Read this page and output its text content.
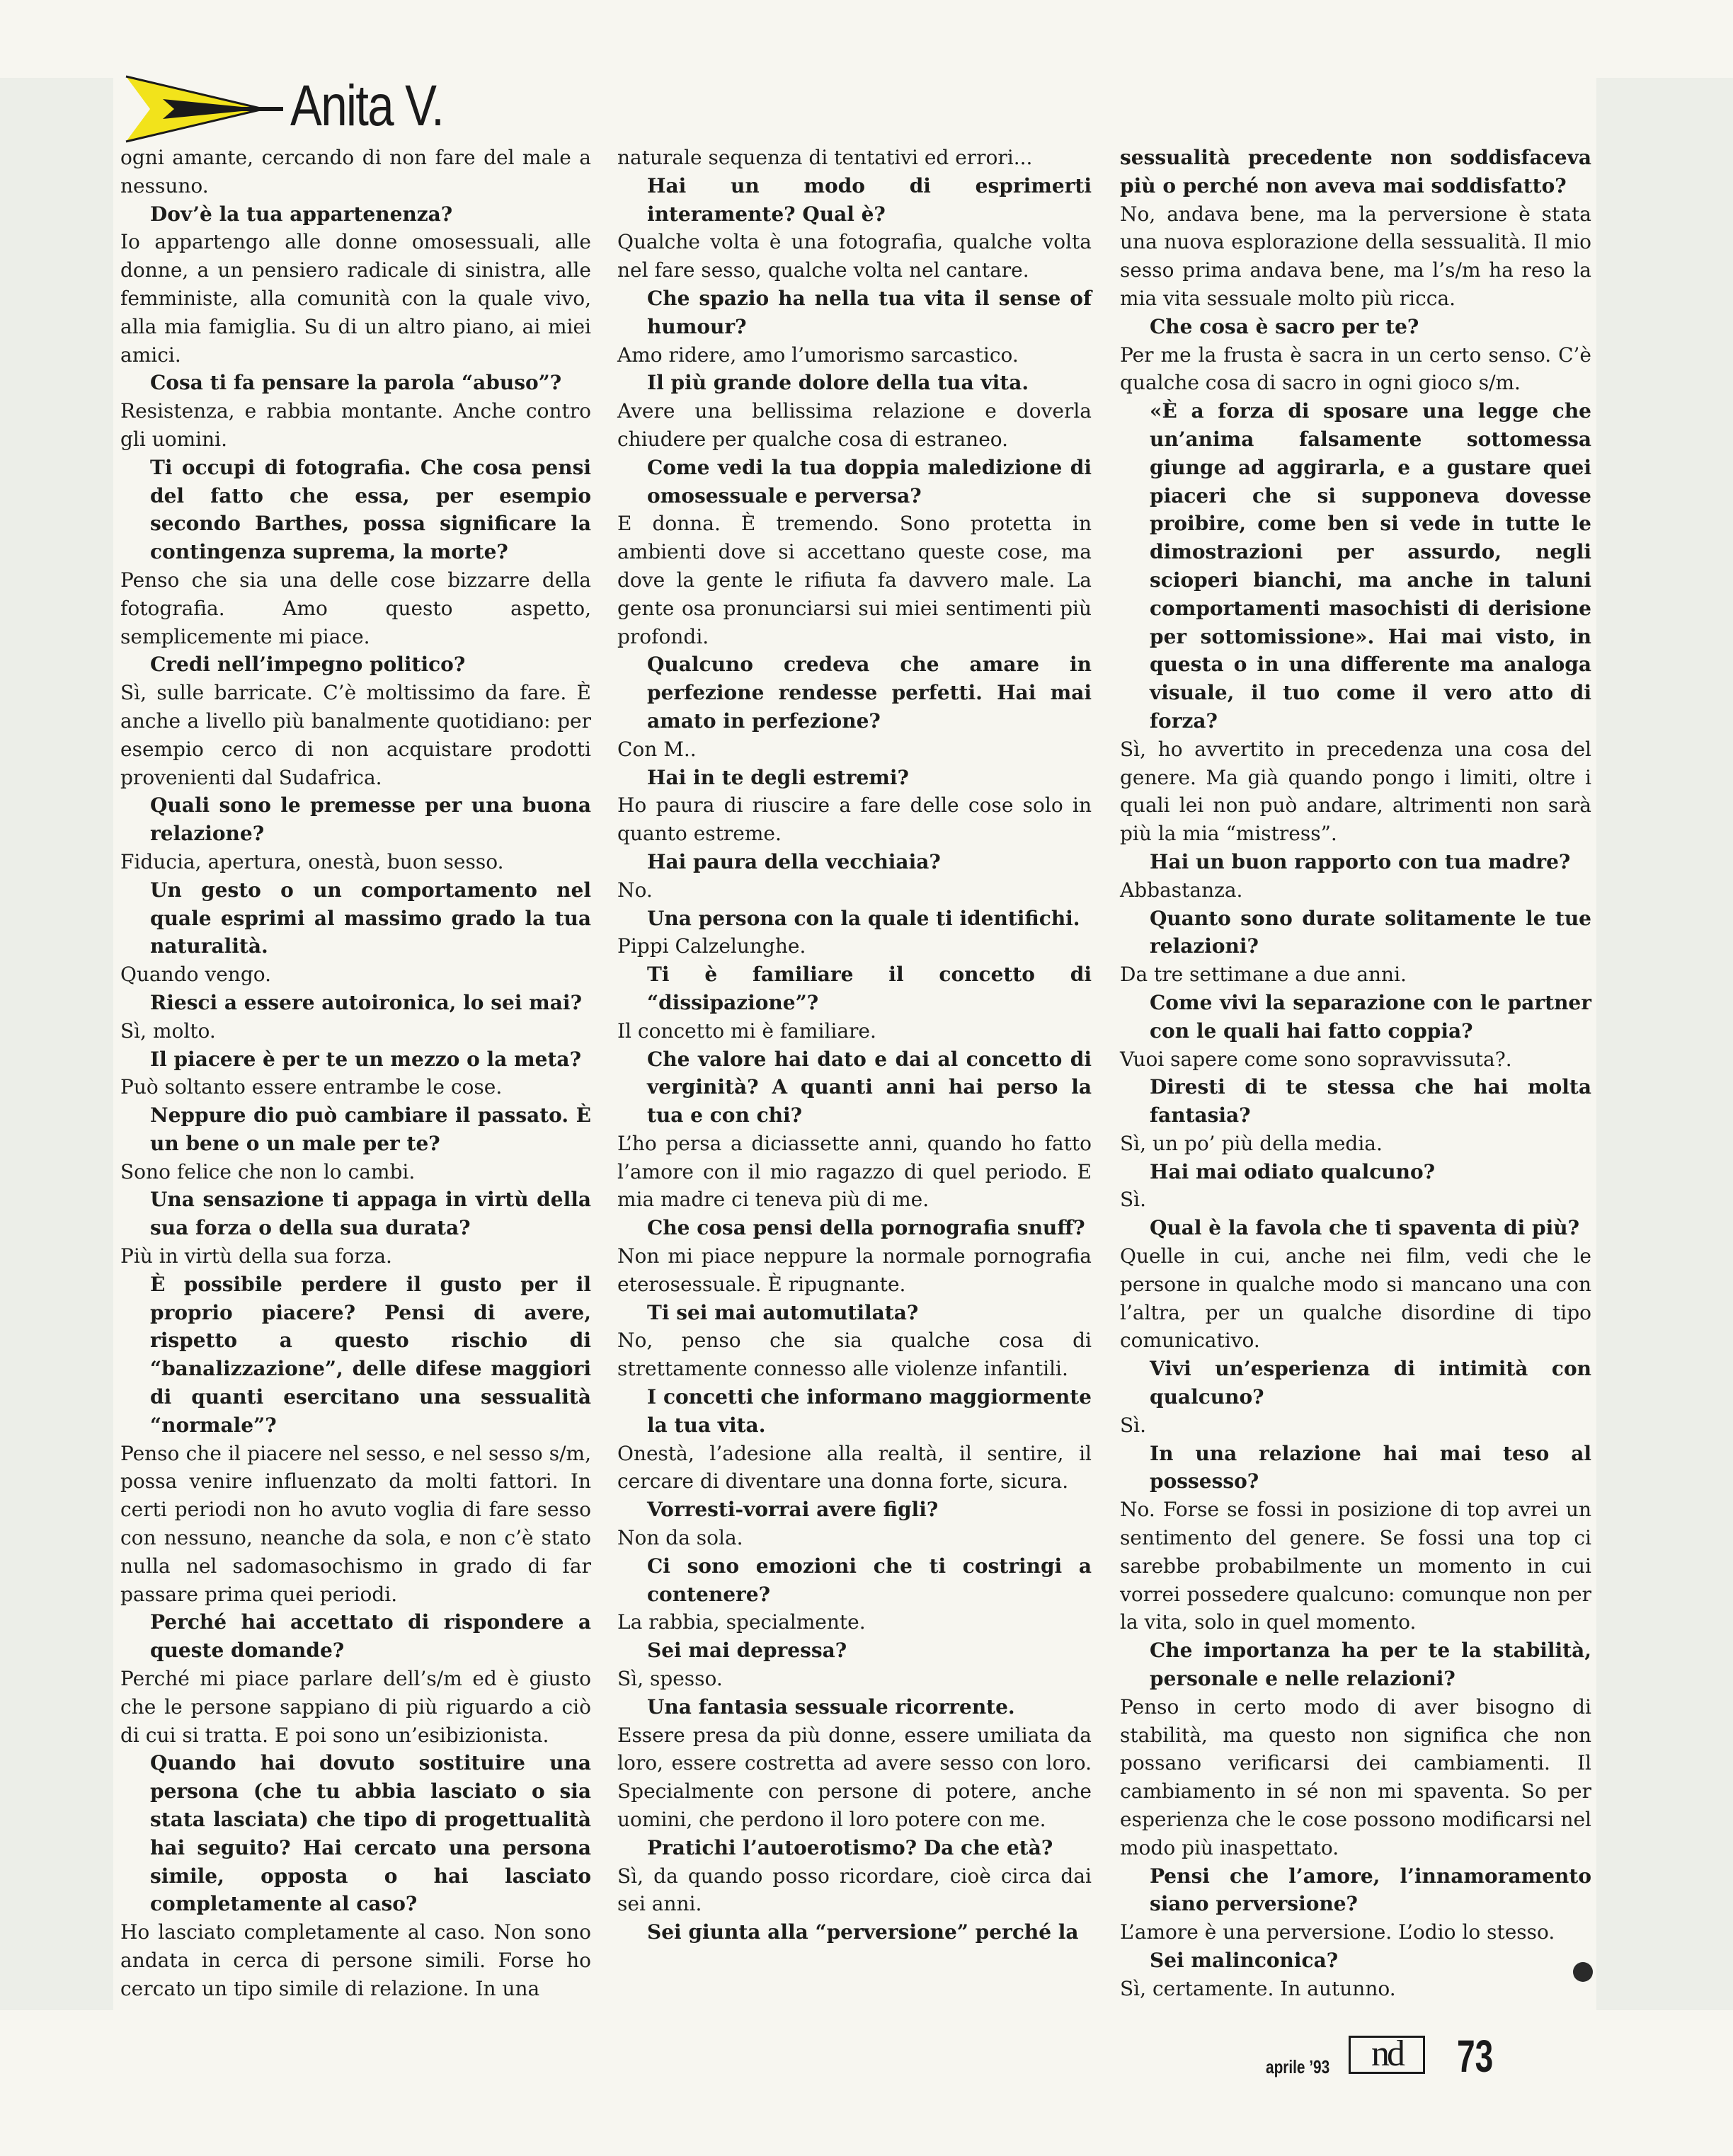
Anita V.

ogni amante, cercando di non fare del male a nessuno.

Dov’è la tua appartenenza?

Io appartengo alle donne omosessuali, alle donne, a un pensiero radicale di sinistra, alle femministe, alla comunità con la quale vivo, alla mia famiglia. Su di un altro piano, ai miei amici.

Cosa ti fa pensare la parola “abuso”?

Resistenza, e rabbia montante. Anche contro gli uomini.

Ti occupi di fotografia. Che cosa pensi del fatto che essa, per esempio secondo Barthes, possa significare la contingenza suprema, la morte?

Penso che sia una delle cose bizzarre della fotografia. Amo questo aspetto, semplicemente mi piace.

Credi nell’impegno politico?

Sì, sulle barricate. C’è moltissimo da fare. È anche a livello più banalmente quotidiano: per esempio cerco di non acquistare prodotti provenienti dal Sudafrica.

Quali sono le premesse per una buona relazione?

Fiducia, apertura, onestà, buon sesso.

Un gesto o un comportamento nel quale esprimi al massimo grado la tua naturalità.

Quando vengo.

Riesci a essere autoironica, lo sei mai?

Sì, molto.

Il piacere è per te un mezzo o la meta?

Può soltanto essere entrambe le cose.

Neppure dio può cambiare il passato. È un bene o un male per te?

Sono felice che non lo cambi.

Una sensazione ti appaga in virtù della sua forza o della sua durata?

Più in virtù della sua forza.

È possibile perdere il gusto per il proprio piacere? Pensi di avere, rispetto a questo rischio di “banalizzazione”, delle difese maggiori di quanti esercitano una sessualità “normale”?

Penso che il piacere nel sesso, e nel sesso s/m, possa venire influenzato da molti fattori. In certi periodi non ho avuto voglia di fare sesso con nessuno, neanche da sola, e non c’è stato nulla nel sadomasochismo in grado di far passare prima quei periodi.

Perché hai accettato di rispondere a queste domande?

Perché mi piace parlare dell’s/m ed è giusto che le persone sappiano di più riguardo a ciò di cui si tratta. E poi sono un’esibizionista.

Quando hai dovuto sostituire una persona (che tu abbia lasciato o sia stata lasciata) che tipo di progettualità hai seguito? Hai cercato una persona simile, opposta o hai lasciato completamente al caso?

Ho lasciato completamente al caso. Non sono andata in cerca di persone simili. Forse ho cercato un tipo simile di relazione. In una

naturale sequenza di tentativi ed errori...

Hai un modo di esprimerti interamente? Qual è?

Qualche volta è una fotografia, qualche volta nel fare sesso, qualche volta nel cantare.

Che spazio ha nella tua vita il sense of humour?

Amo ridere, amo l’umorismo sarcastico.

Il più grande dolore della tua vita.

Avere una bellissima relazione e doverla chiudere per qualche cosa di estraneo.

Come vedi la tua doppia maledizione di omosessuale e perversa?

E donna. È tremendo. Sono protetta in ambienti dove si accettano queste cose, ma dove la gente le rifiuta fa davvero male. La gente osa pronunciarsi sui miei sentimenti più profondi.

Qualcuno credeva che amare in perfezione rendesse perfetti. Hai mai amato in perfezione?

Con M..

Hai in te degli estremi?

Ho paura di riuscire a fare delle cose solo in quanto estreme.

Hai paura della vecchiaia?

No.

Una persona con la quale ti identifichi.

Pippi Calzelunghe.

Ti è familiare il concetto di “dissipazione”?

Il concetto mi è familiare.

Che valore hai dato e dai al concetto di verginità? A quanti anni hai perso la tua e con chi?

L’ho persa a diciassette anni, quando ho fatto l’amore con il mio ragazzo di quel periodo. E mia madre ci teneva più di me.

Che cosa pensi della pornografia snuff?

Non mi piace neppure la normale pornografia eterosessuale. È ripugnante.

Ti sei mai automutilata?

No, penso che sia qualche cosa di strettamente connesso alle violenze infantili.

I concetti che informano maggiormente la tua vita.

Onestà, l’adesione alla realtà, il sentire, il cercare di diventare una donna forte, sicura.

Vorresti-vorrai avere figli?

Non da sola.

Ci sono emozioni che ti costringi a contenere?

La rabbia, specialmente.

Sei mai depressa?

Sì, spesso.

Una fantasia sessuale ricorrente.

Essere presa da più donne, essere umiliata da loro, essere costretta ad avere sesso con loro. Specialmente con persone di potere, anche uomini, che perdono il loro potere con me.

Pratichi l’autoerotismo? Da che età?

Sì, da quando posso ricordare, cioè circa dai sei anni.

Sei giunta alla “perversione” perché la

sessualità precedente non soddisfaceva più o perché non aveva mai soddisfatto?

No, andava bene, ma la perversione è stata una nuova esplorazione della sessualità. Il mio sesso prima andava bene, ma l’s/m ha reso la mia vita sessuale molto più ricca.

Che cosa è sacro per te?

Per me la frusta è sacra in un certo senso. C’è qualche cosa di sacro in ogni gioco s/m.

«È a forza di sposare una legge che un’anima falsamente sottomessa giunge ad aggirarla, e a gustare quei piaceri che si supponeva dovesse proibire, come ben si vede in tutte le dimostrazioni per assurdo, negli scioperi bianchi, ma anche in taluni comportamenti masochisti di derisione per sottomissione». Hai mai visto, in questa o in una differente ma analoga visuale, il tuo come il vero atto di forza?

Sì, ho avvertito in precedenza una cosa del genere. Ma già quando pongo i limiti, oltre i quali lei non può andare, altrimenti non sarà più la mia “mistress”.

Hai un buon rapporto con tua madre?

Abbastanza.

Quanto sono durate solitamente le tue relazioni?

Da tre settimane a due anni.

Come vivi la separazione con le partner con le quali hai fatto coppia?

Vuoi sapere come sono sopravvissuta?.

Diresti di te stessa che hai molta fantasia?

Sì, un po’ più della media.

Hai mai odiato qualcuno?

Sì.

Qual è la favola che ti spaventa di più?

Quelle in cui, anche nei film, vedi che le persone in qualche modo si mancano una con l’altra, per un qualche disordine di tipo comunicativo.

Vivi un’esperienza di intimità con qualcuno?

Sì.

In una relazione hai mai teso al possesso?

No. Forse se fossi in posizione di top avrei un sentimento del genere. Se fossi una top ci sarebbe probabilmente un momento in cui vorrei possedere qualcuno: comunque non per la vita, solo in quel momento.

Che importanza ha per te la stabilità, personale e nelle relazioni?

Penso in certo modo di aver bisogno di stabilità, ma questo non significa che non possano verificarsi dei cambiamenti. Il cambiamento in sé non mi spaventa. So per esperienza che le cose possono modificarsi nel modo più inaspettato.

Pensi che l’amore, l’innamoramento siano perversione?

L’amore è una perversione. L’odio lo stesso.

Sei malinconica?

Sì, certamente. In autunno.

aprile ’93	nd	73
